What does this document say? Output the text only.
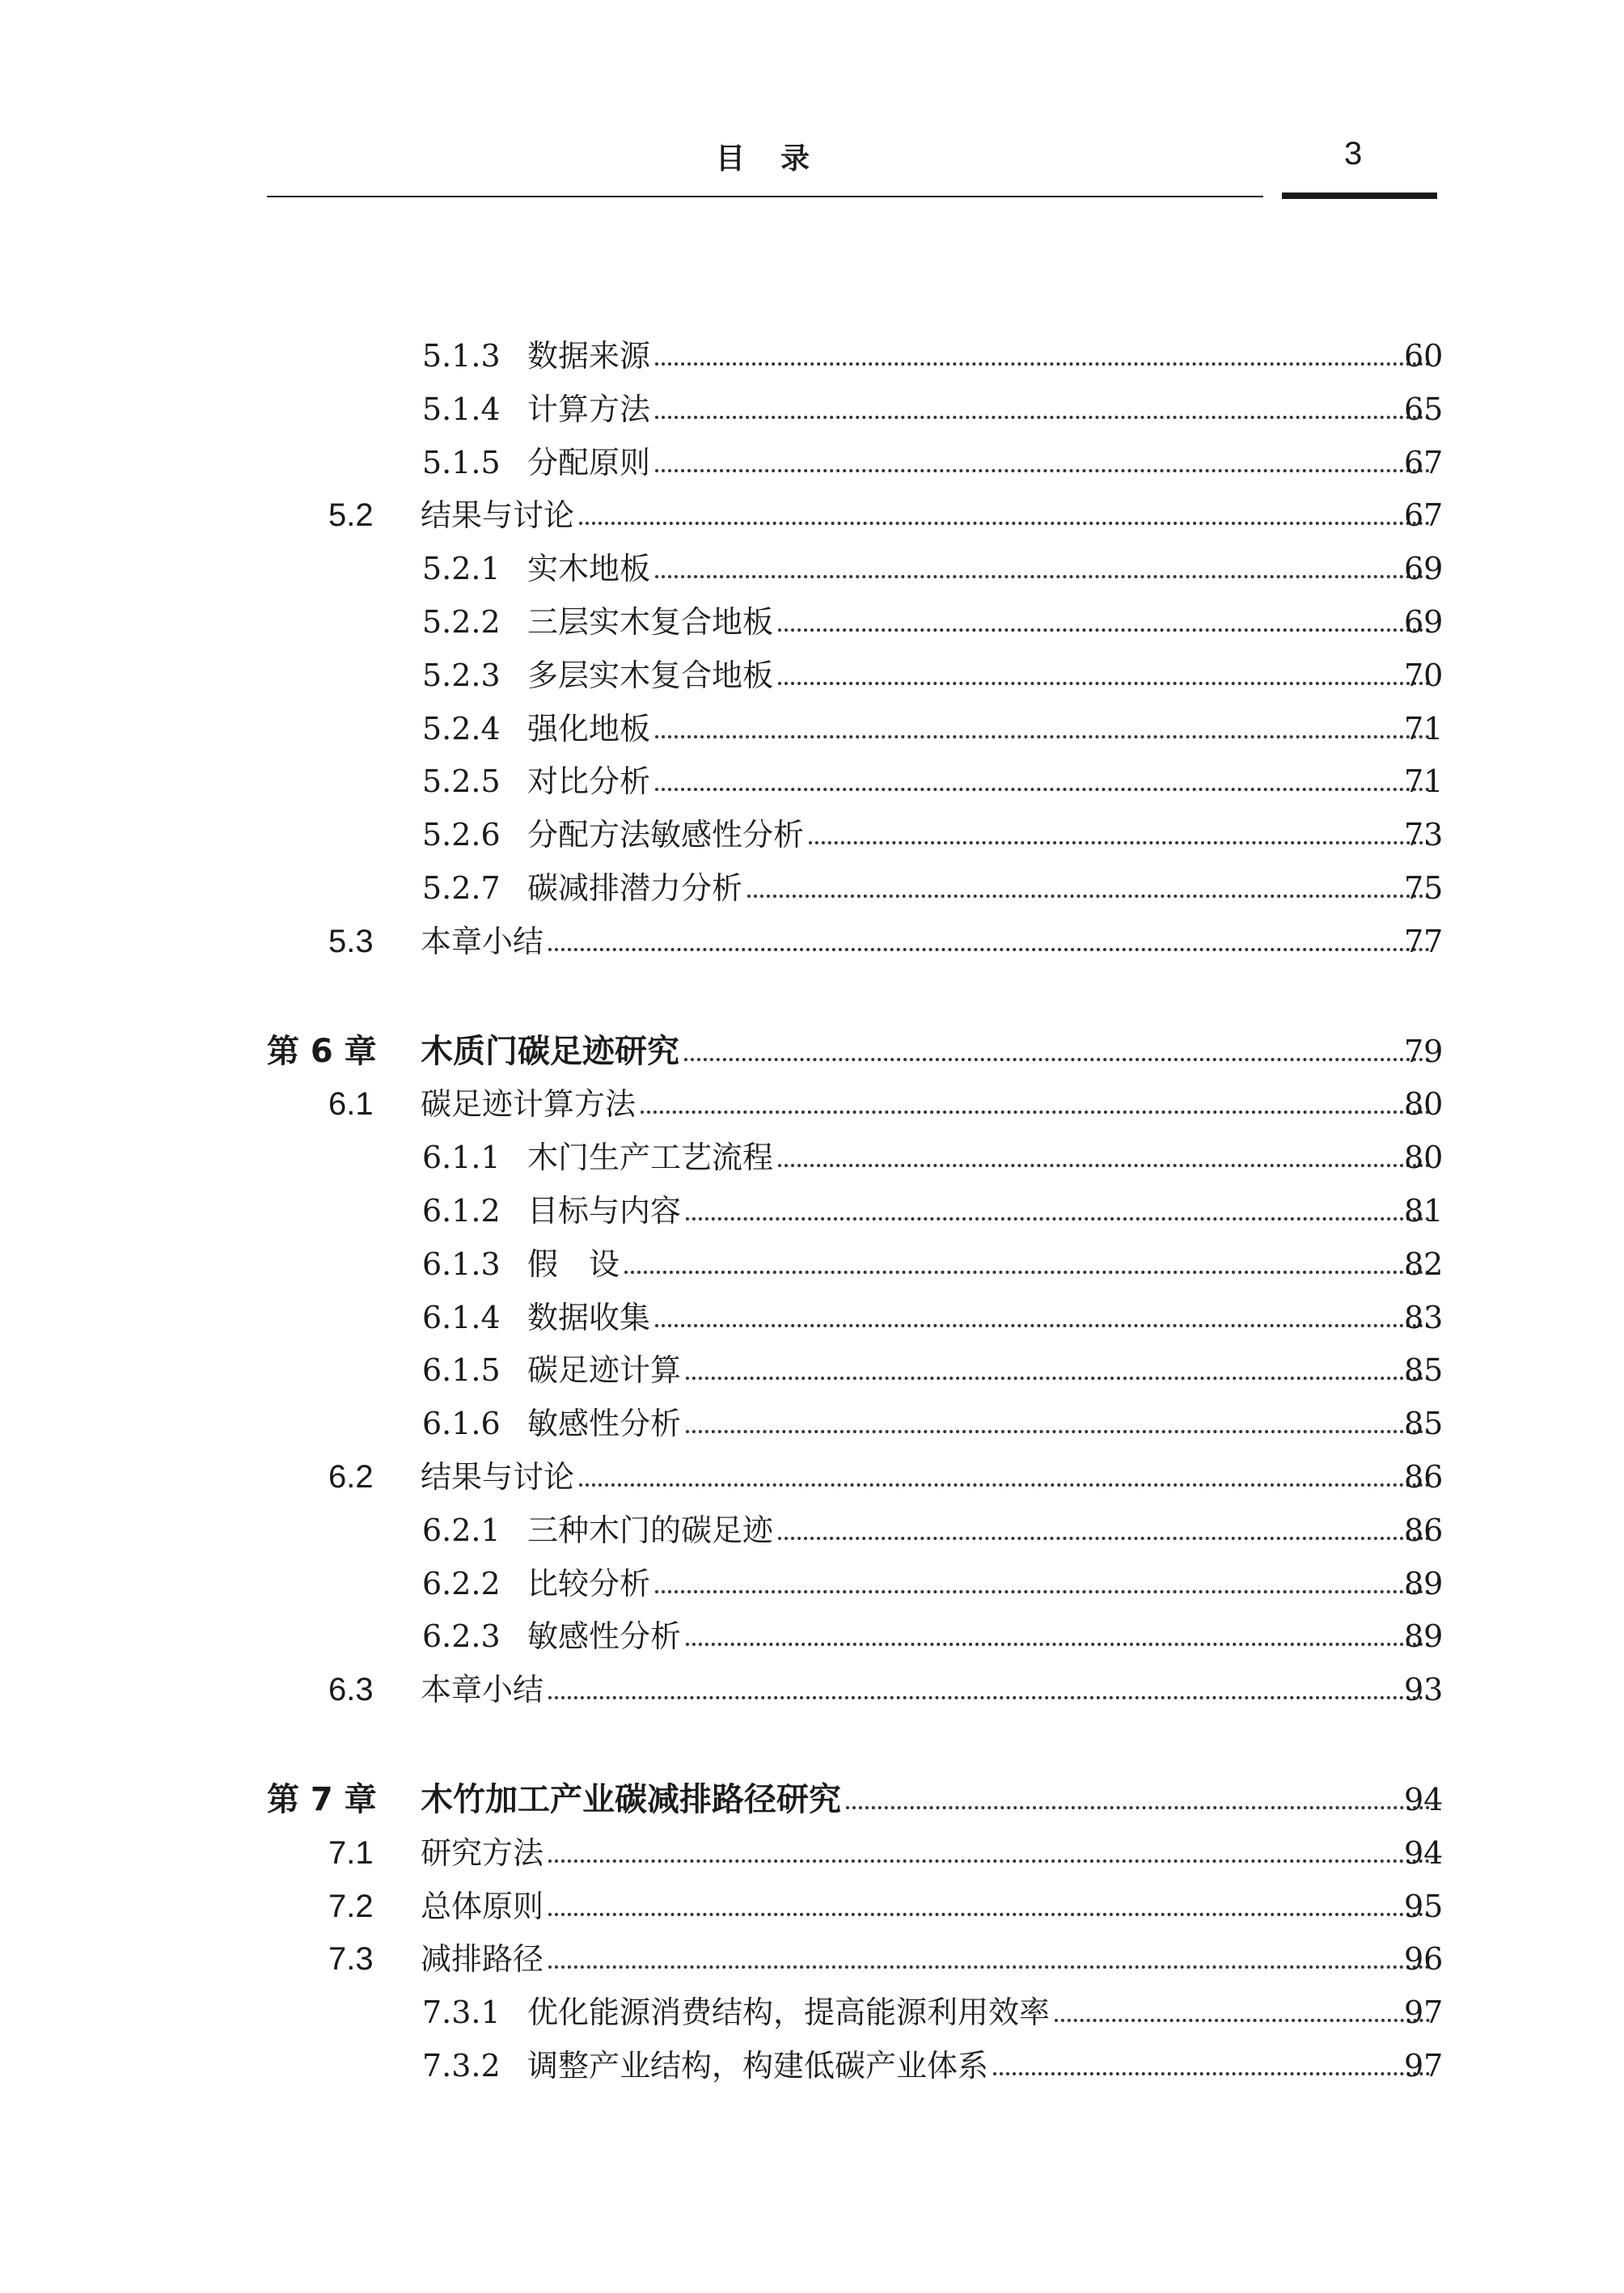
目录	3
5.1.3 数据来源	60
5.1.4 计算方法	65
5.1.5 分配原则	67
5.2 结果与讨论	67
5.2.1 实木地板	69
5.2.2 三层实木复合地板	69
5.2.3 多层实木复合地板	70
5.2.4 强化地板	71
5.2.5 对比分析	71
5.2.6 分配方法敏感性分析	73
5.2.7 碳减排潜力分析	75
5.3 本章小结	77
第 6 章 木质门碳足迹研究	79
6.1 碳足迹计算方法	80
6.1.1 木门生产工艺流程	80
6.1.2 目标与内容	81
6.1.3 假　设	82
6.1.4 数据收集	83
6.1.5 碳足迹计算	85
6.1.6 敏感性分析	85
6.2 结果与讨论	86
6.2.1 三种木门的碳足迹	86
6.2.2 比较分析	89
6.2.3 敏感性分析	89
6.3 本章小结	93
第 7 章 木竹加工产业碳减排路径研究	94
7.1 研究方法	94
7.2 总体原则	95
7.3 减排路径	96
7.3.1 优化能源消费结构，提高能源利用效率	97
7.3.2 调整产业结构，构建低碳产业体系	97
